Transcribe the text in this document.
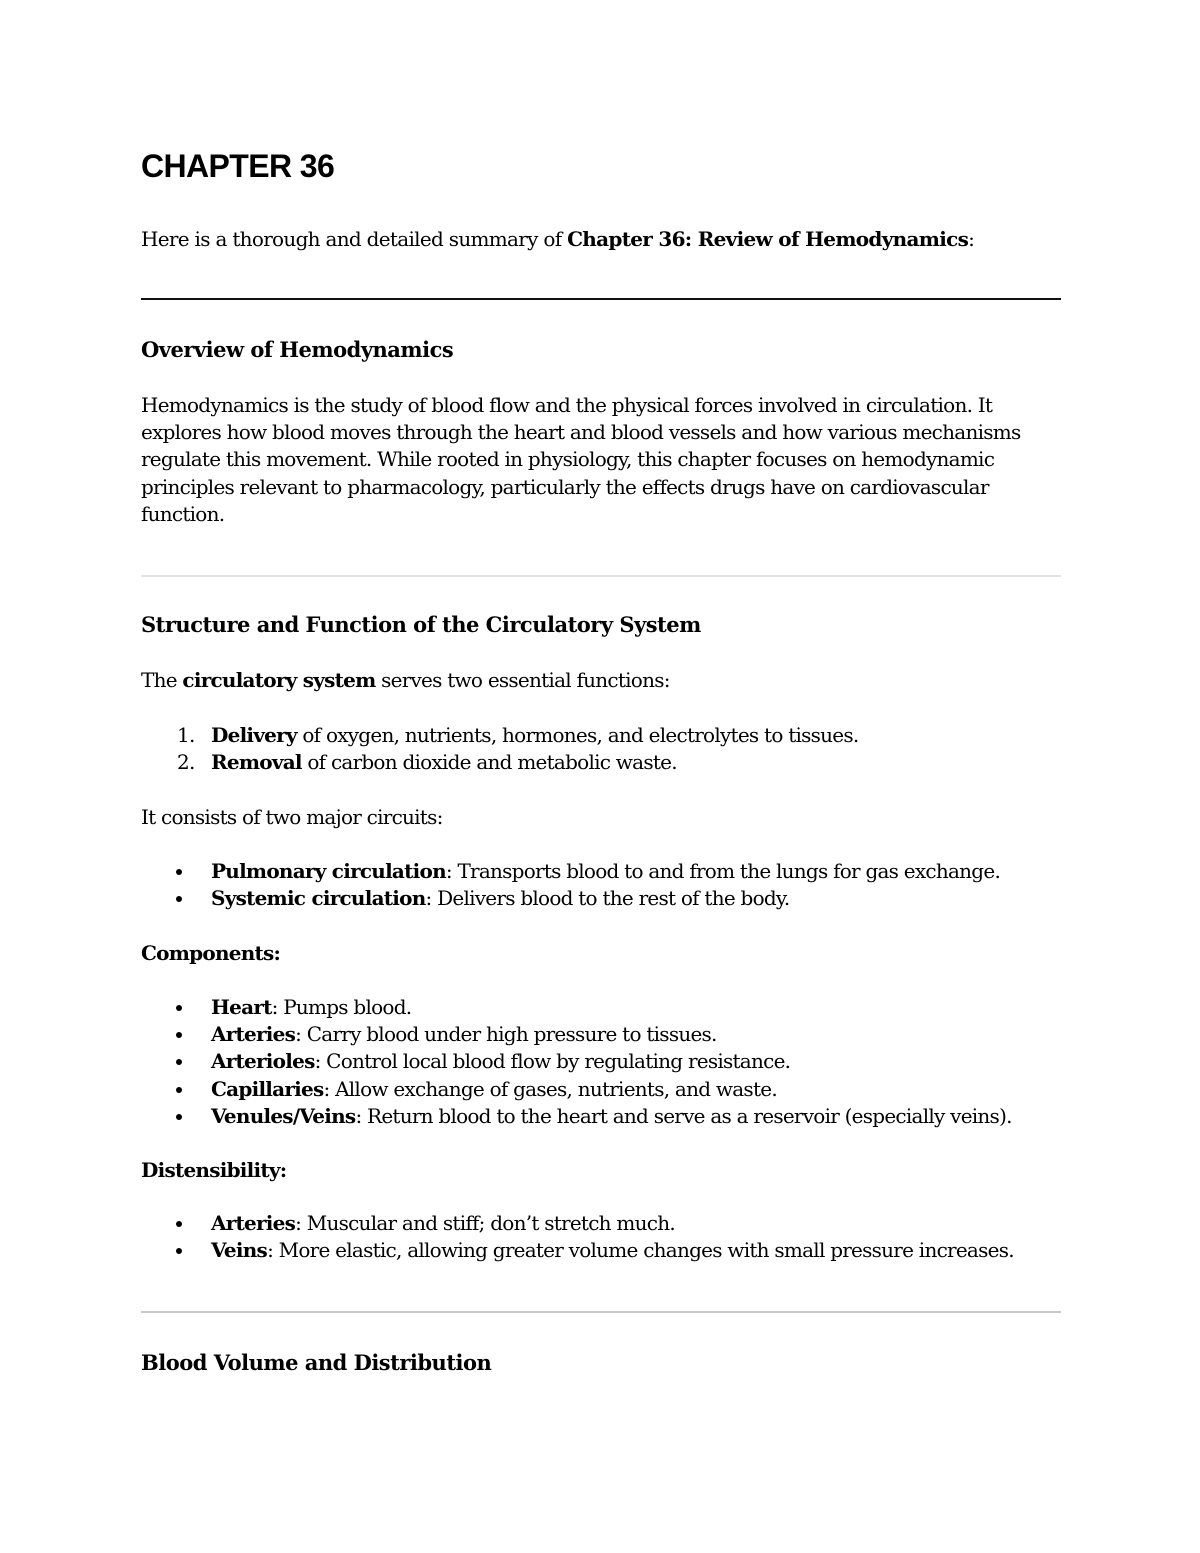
CHAPTER 36

Here is a thorough and detailed summary of Chapter 36: Review of Hemodynamics:

Overview of Hemodynamics
Hemodynamics is the study of blood flow and the physical forces involved in circulation. It
explores how blood moves through the heart and blood vessels and how various mechanisms
regulate this movement. While rooted in physiology, this chapter focuses on hemodynamic
principles relevant to pharmacology, particularly the effects drugs have on cardiovascular
function.
Structure and Function of the Circulatory System

The circulatory system serves two essential functions:

1. Delivery of oxygen, nutrients, hormones, and electrolytes to tissues.
2. Removal of carbon dioxide and metabolic waste.

It consists of two major circuits:

Pulmonary circulation: Transports blood to and from the lungs for gas exchange.
Systemic circulation: Delivers blood to the rest of the body.

Components:

Heart: Pumps blood.
Arteries: Carry blood under high pressure to tissues.
Arterioles: Control local blood flow by regulating resistance.
Capillaries: Allow exchange of gases, nutrients, and waste.
Venules/Veins: Return blood to the heart and serve as a reservoir (especially veins).

Distensibility:

Arteries: Muscular and stiff; don’t stretch much.
Veins: More elastic, allowing greater volume changes with small pressure increases.
Blood Volume and Distribution
